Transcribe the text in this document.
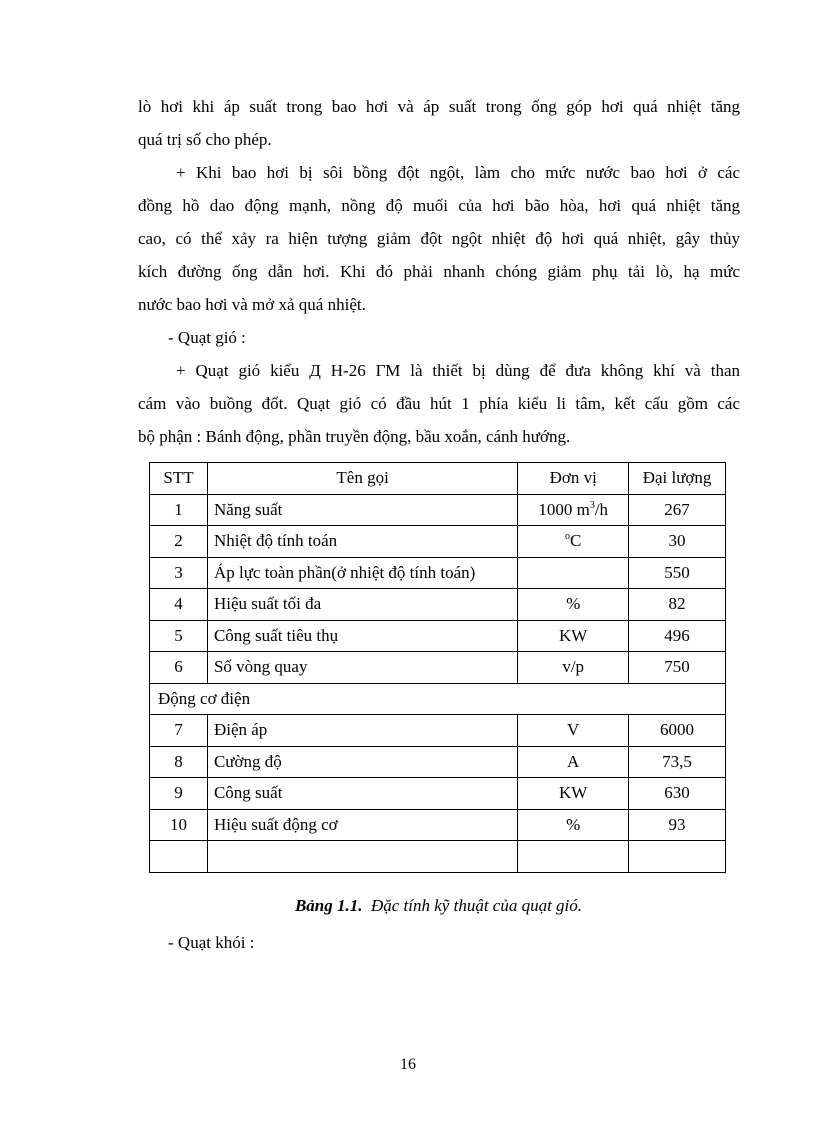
lò hơi khi áp suất trong bao hơi và áp suất trong ống góp hơi quá nhiệt tăng
quá trị số cho phép.
+ Khi bao hơi bị sôi bồng đột ngột, làm cho mức nước bao hơi ở các
đồng hồ dao động mạnh, nồng độ muối của hơi bão hòa, hơi quá nhiệt tăng
cao, có thể xảy ra hiện tượng giảm đột ngột nhiệt độ hơi quá nhiệt, gây thủy
kích đường ống dẫn hơi. Khi đó phải nhanh chóng giảm phụ tải lò, hạ mức
nước bao hơi và mở xả quá nhiệt.
- Quạt gió :
+ Quạt gió kiểu Д H-26 ГМ là thiết bị dùng để đưa không khí và than
cám vào buồng đốt. Quạt gió có đầu hút 1 phía kiểu li tâm, kết cấu gồm các
bộ phận : Bánh động, phần truyền động, bầu xoắn, cánh hướng.
STT	Tên gọi	Đơn vị	Đại lượng
1	Năng suất	1000 $m^3/h$	267
2	Nhiệt độ tính toán	$^o$C	30
3	Áp lực toàn phần(ở nhiệt độ tính toán)		550
4	Hiệu suất tối đa	%	82
5	Công suất tiêu thụ	KW	496
6	Số vòng quay	v/p	750
Động cơ điện			
7	Điện áp	V	6000
8	Cường độ	A	73,5
9	Công suất	KW	630
10	Hiệu suất động cơ	%	93

Bảng 1.1. Đặc tính kỹ thuật của quạt gió.
- Quạt khói :
16
